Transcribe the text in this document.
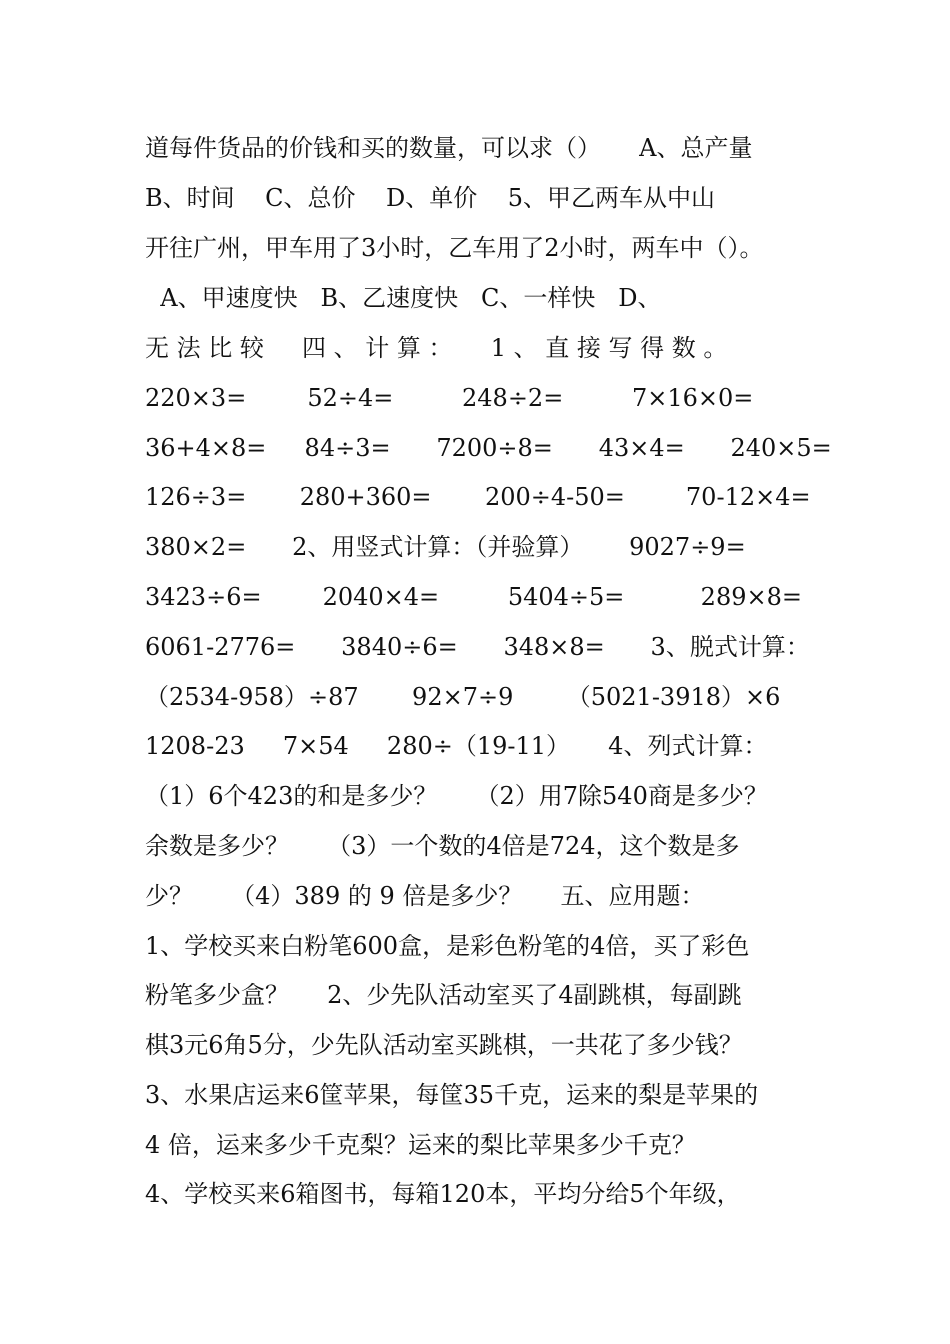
道每件货品的价钱和买的数量，可以求（）     A、总产量
B、时间    C、总价    D、单价    5、甲乙两车从中山
开往广州，甲车用了3小时，乙车用了2小时，两车中（）。
A、甲速度快   B、乙速度快   C、一样快   D、
无 法 比 较     四 、 计 算 ：     1 、 直 接 写 得 数 。
220×3=        52÷4=         248÷2=         7×16×0=
36+4×8=     84÷3=      7200÷8=      43×4=      240×5=
126÷3=       280+360=       200÷4-50=        70-12×4=
380×2=      2、用竖式计算：（并验算）      9027÷9=
3423÷6=        2040×4=         5404÷5=          289×8=
6061-2776=      3840÷6=      348×8=      3、脱式计算：
（2534-958）÷87       92×7÷9       （5021-3918）×6
1208-23     7×54     280÷（19-11）     4、列式计算：
（1）6个423的和是多少？     （2）用7除540商是多少？
余数是多少？     （3）一个数的4倍是724，这个数是多
少？     （4）389 的 9 倍是多少？     五、应用题：
1、学校买来白粉笔600盒，是彩色粉笔的4倍，买了彩色
粉笔多少盒？     2、少先队活动室买了4副跳棋，每副跳
棋3元6角5分，少先队活动室买跳棋，一共花了多少钱？
3、水果店运来6筐苹果，每筐35千克，运来的梨是苹果的
4 倍，运来多少千克梨？运来的梨比苹果多少千克？
4、学校买来6箱图书，每箱120本，平均分给5个年级，
